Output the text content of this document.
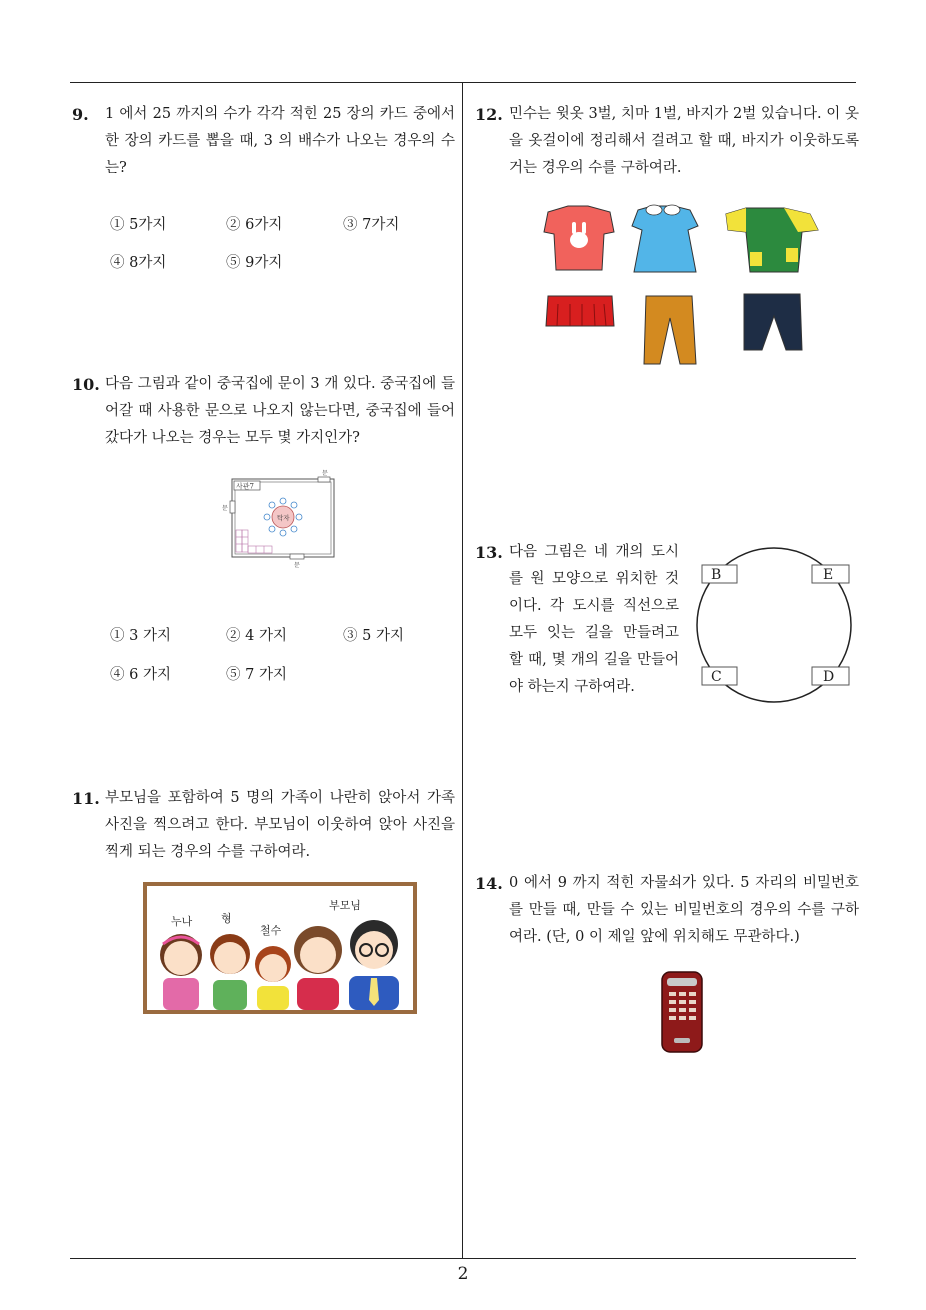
9. 1 에서 25 까지의 수가 각각 적힌 25 장의 카드 중에서 한 장의 카드를 뽑을 때, 3 의 배수가 나오는 경우의 수는?
① 5가지	② 6가지	③ 7가지
④ 8가지	⑤ 9가지
10. 다음 그림과 같이 중국집에 문이 3 개 있다. 중국집에 들어갈 때 사용한 문으로 나오지 않는다면, 중국집에 들어갔다가 나오는 경우는 모두 몇 가지인가?
사관7
문
문
문
탁자
① 3 가지	② 4 가지	③ 5 가지
④ 6 가지	⑤ 7 가지
11. 부모님을 포함하여 5 명의 가족이 나란히 앉아서 가족 사진을 찍으려고 한다. 부모님이 이웃하여 앉아 사진을 찍게 되는 경우의 수를 구하여라.
누나	형
철수
부모님
12. 민수는 윗옷 3벌, 치마 1벌, 바지가 2벌 있습니다. 이 옷을 옷걸이에 정리해서 걸려고 할 때, 바지가 이웃하도록 거는 경우의 수를 구하여라.
13. 다음 그림은 네 개의 도시를 원 모양으로 위치한 것이다. 각 도시를 직선으로 모두 잇는 길을 만들려고 할 때, 몇 개의 길을 만들어야 하는지 구하여라.
B	E
C	D
14. 0 에서 9 까지 적힌 자물쇠가 있다. 5 자리의 비밀번호를 만들 때, 만들 수 있는 비밀번호의 경우의 수를 구하여라. (단, 0 이 제일 앞에 위치해도 무관하다.)
2
